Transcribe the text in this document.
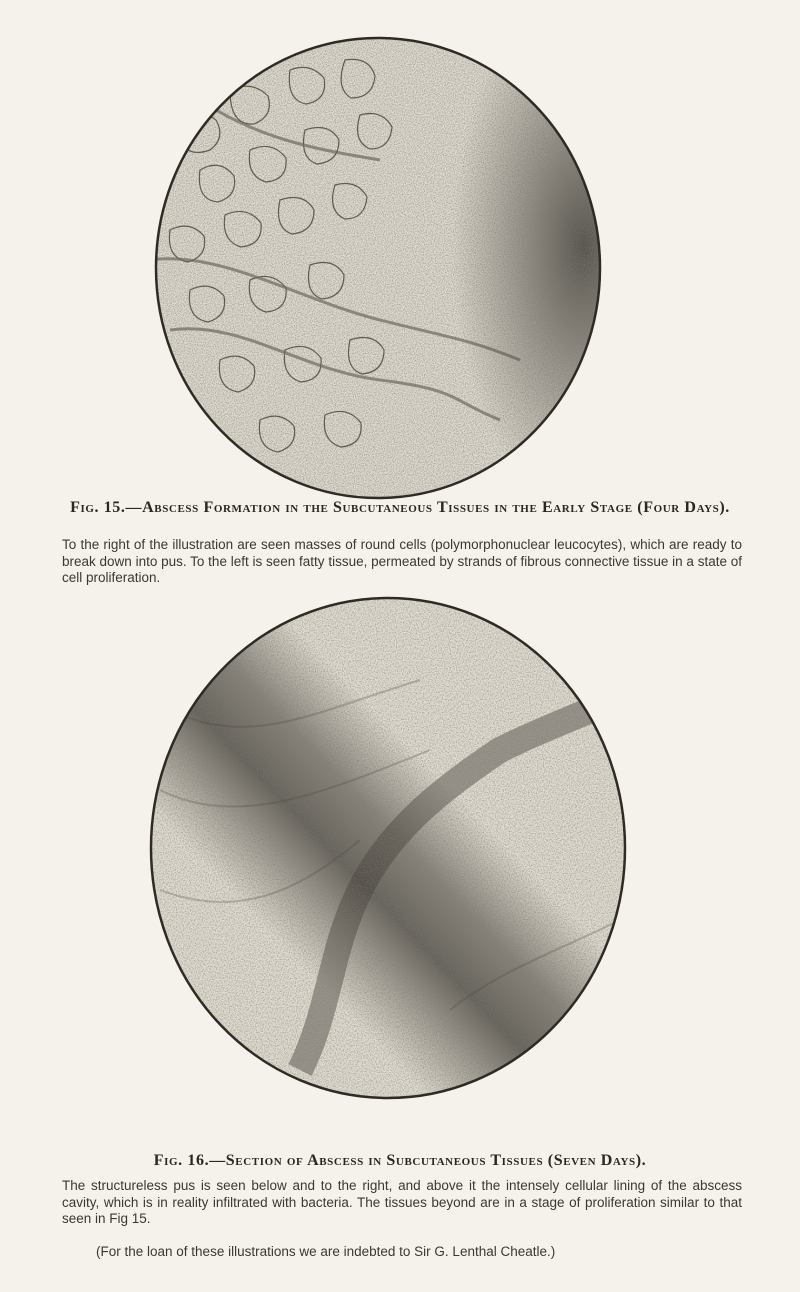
Fig. 15.—Abscess Formation in the Subcutaneous Tissues in the Early Stage (Four Days).

To the right of the illustration are seen masses of round cells (polymorphonuclear leucocytes), which are ready to break down into pus. To the left is seen fatty tissue, permeated by strands of fibrous connective tissue in a state of cell proliferation.

Fig. 16.—Section of Abscess in Subcutaneous Tissues (Seven Days).

The structureless pus is seen below and to the right, and above it the intensely cellular lining of the abscess cavity, which is in reality infiltrated with bacteria. The tissues beyond are in a stage of proliferation similar to that seen in Fig 15.

(For the loan of these illustrations we are indebted to Sir G. Lenthal Cheatle.)
